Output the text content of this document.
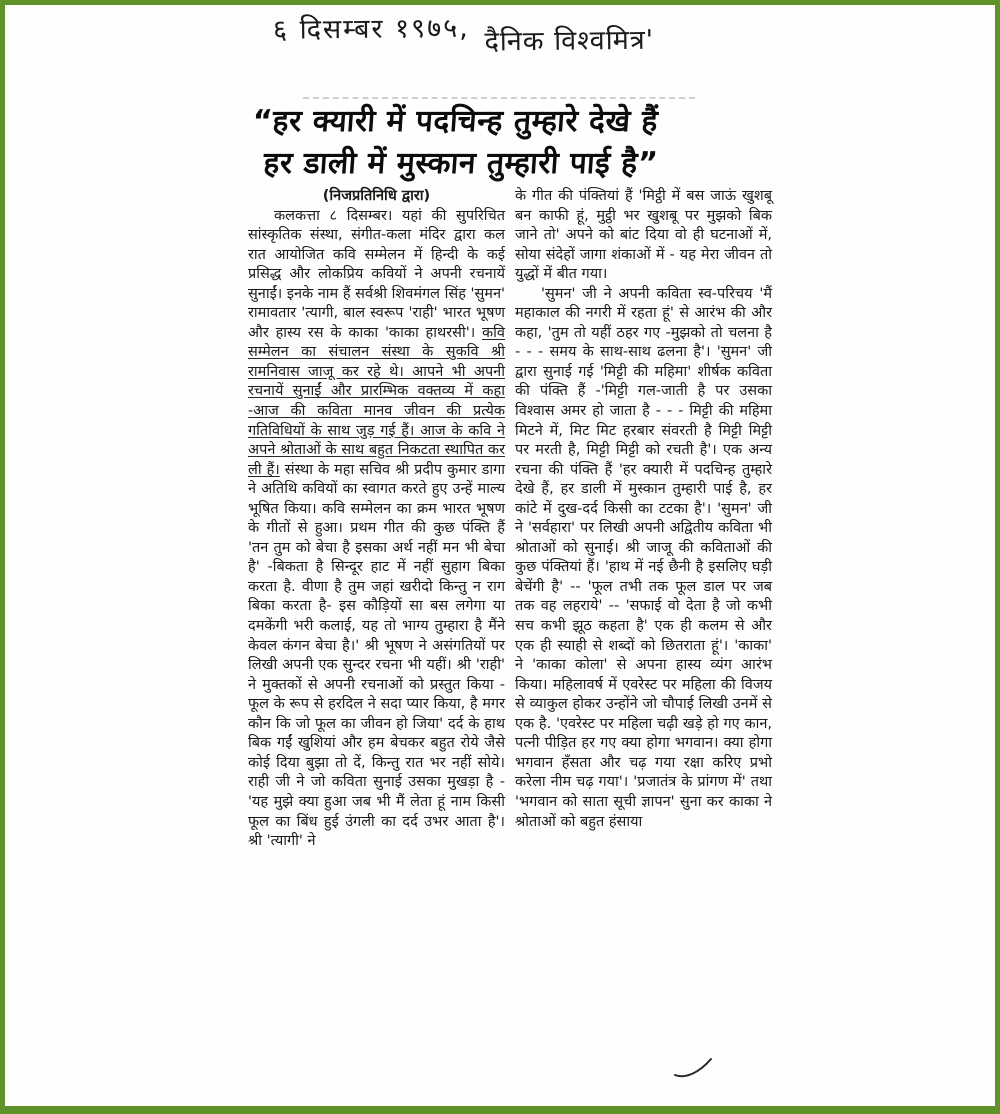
६ दिसम्बर १९७५, दैनिक विश्वमित्र'
“हर क्यारी में पदचिन्ह तुम्हारे देखे हैं
हर डाली में मुस्कान तुम्हारी पाई है”

(निजप्रतिनिधि द्वारा)

कलकत्ता ८ दिसम्बर। यहां की सुपरिचित सांस्कृतिक संस्था, संगीत-कला मंदिर द्वारा कल रात आयोजित कवि सम्मेलन में हिन्दी के कई प्रसिद्ध और लोकप्रिय कवियों ने अपनी रचनायें सुनाईं। इनके नाम हैं सर्वश्री शिवमंगल सिंह 'सुमन' रामावतार 'त्यागी, बाल स्वरूप 'राही' भारत भूषण और हास्य रस के काका 'काका हाथरसी'। कवि सम्मेलन का संचालन संस्था के सुकवि श्री रामनिवास जाजू कर रहे थे। आपने भी अपनी रचनायें सुनाईं और प्रारम्भिक वक्तव्य में कहा -आज की कविता मानव जीवन की प्रत्येक गतिविधियों के साथ जुड़ गई हैं। आज के कवि ने अपने श्रोताओं के साथ बहुत निकटता स्थापित कर ली हैं। संस्था के महा सचिव श्री प्रदीप कुमार डागा ने अतिथि कवियों का स्वागत करते हुए उन्हें माल्य भूषित किया। कवि सम्मेलन का क्रम भारत भूषण के गीतों से हुआ। प्रथम गीत की कुछ पंक्ति हैं 'तन तुम को बेचा है इसका अर्थ नहीं मन भी बेचा है' -बिकता है सिन्दूर हाट में नहीं सुहाग बिका करता है. वीणा है तुम जहां खरीदो किन्तु न राग बिका करता है- इस कौड़ियों सा बस लगेगा या दमकेंगी भरी कलाई, यह तो भाग्य तुम्हारा है मैंने केवल कंगन बेचा है।' श्री भूषण ने असंगतियों पर लिखी अपनी एक सुन्दर रचना भी यहीं। श्री 'राही' ने मुक्तकों से अपनी रचनाओं को प्रस्तुत किया - फूल के रूप से हरदिल ने सदा प्यार किया, है मगर कौन कि जो फूल का जीवन हो जिया' दर्द के हाथ बिक गईं खुशियां और हम बेचकर बहुत रोये जैसे कोई दिया बुझा तो दें, किन्तु रात भर नहीं सोये। राही जी ने जो कविता सुनाई उसका मुखड़ा है - 'यह मुझे क्या हुआ जब भी मैं लेता हूं नाम किसी फूल का बिंध हुई उंगली का दर्द उभर आता है'। श्री 'त्यागी' ने

के गीत की पंक्तियां हैं 'मिट्ठी में बस जाऊं खुशबू बन काफी हूं, मुट्ठी भर खुशबू पर मुझको बिक जाने तो' अपने को बांट दिया वो ही घटनाओं में, सोया संदेहों जागा शंकाओं में - यह मेरा जीवन तो युद्धों में बीत गया।

'सुमन' जी ने अपनी कविता स्व-परिचय 'मैं महाकाल की नगरी में रहता हूं' से आरंभ की और कहा, 'तुम तो यहीं ठहर गए -मुझको तो चलना है - - - समय के साथ-साथ ढलना है'। 'सुमन' जी द्वारा सुनाई गई 'मिट्टी की महिमा' शीर्षक कविता की पंक्ति हैं -'मिट्टी गल-जाती है पर उसका विश्वास अमर हो जाता है - - - मिट्टी की महिमा मिटने में, मिट मिट हरबार संवरती है मिट्टी मिट्टी पर मरती है, मिट्टी मिट्टी को रचती है'। एक अन्य रचना की पंक्ति हैं 'हर क्यारी में पदचिन्ह तुम्हारे देखे हैं, हर डाली में मुस्कान तुम्हारी पाई है, हर कांटे में दुख-दर्द किसी का टटका है'। 'सुमन' जी ने 'सर्वहारा' पर लिखी अपनी अद्वितीय कविता भी श्रोताओं को सुनाई। श्री जाजू की कविताओं की कुछ पंक्तियां हैं। 'हाथ में नई छैनी है इसलिए घड़ी बेचेंगी है' -- 'फूल तभी तक फूल डाल पर जब तक वह लहराये' -- 'सफाई वो देता है जो कभी सच कभी झूठ कहता है' एक ही कलम से और एक ही स्याही से शब्दों को छितराता हूं'। 'काका' ने 'काका कोला' से अपना हास्य व्यंग आरंभ किया। महिलावर्ष में एवरेस्ट पर महिला की विजय से व्याकुल होकर उन्होंने जो चौपाई लिखी उनमें से एक है. 'एवरेस्ट पर महिला चढ़ी खड़े हो गए कान, पत्नी पीड़ित हर गए क्या होगा भगवान। क्या होगा भगवान हँसता और चढ़ गया रक्षा करिए प्रभो करेला नीम चढ़ गया'। 'प्रजातंत्र के प्रांगण में' तथा 'भगवान को साता सूची ज्ञापन' सुना कर काका ने श्रोताओं को बहुत हंसाया
